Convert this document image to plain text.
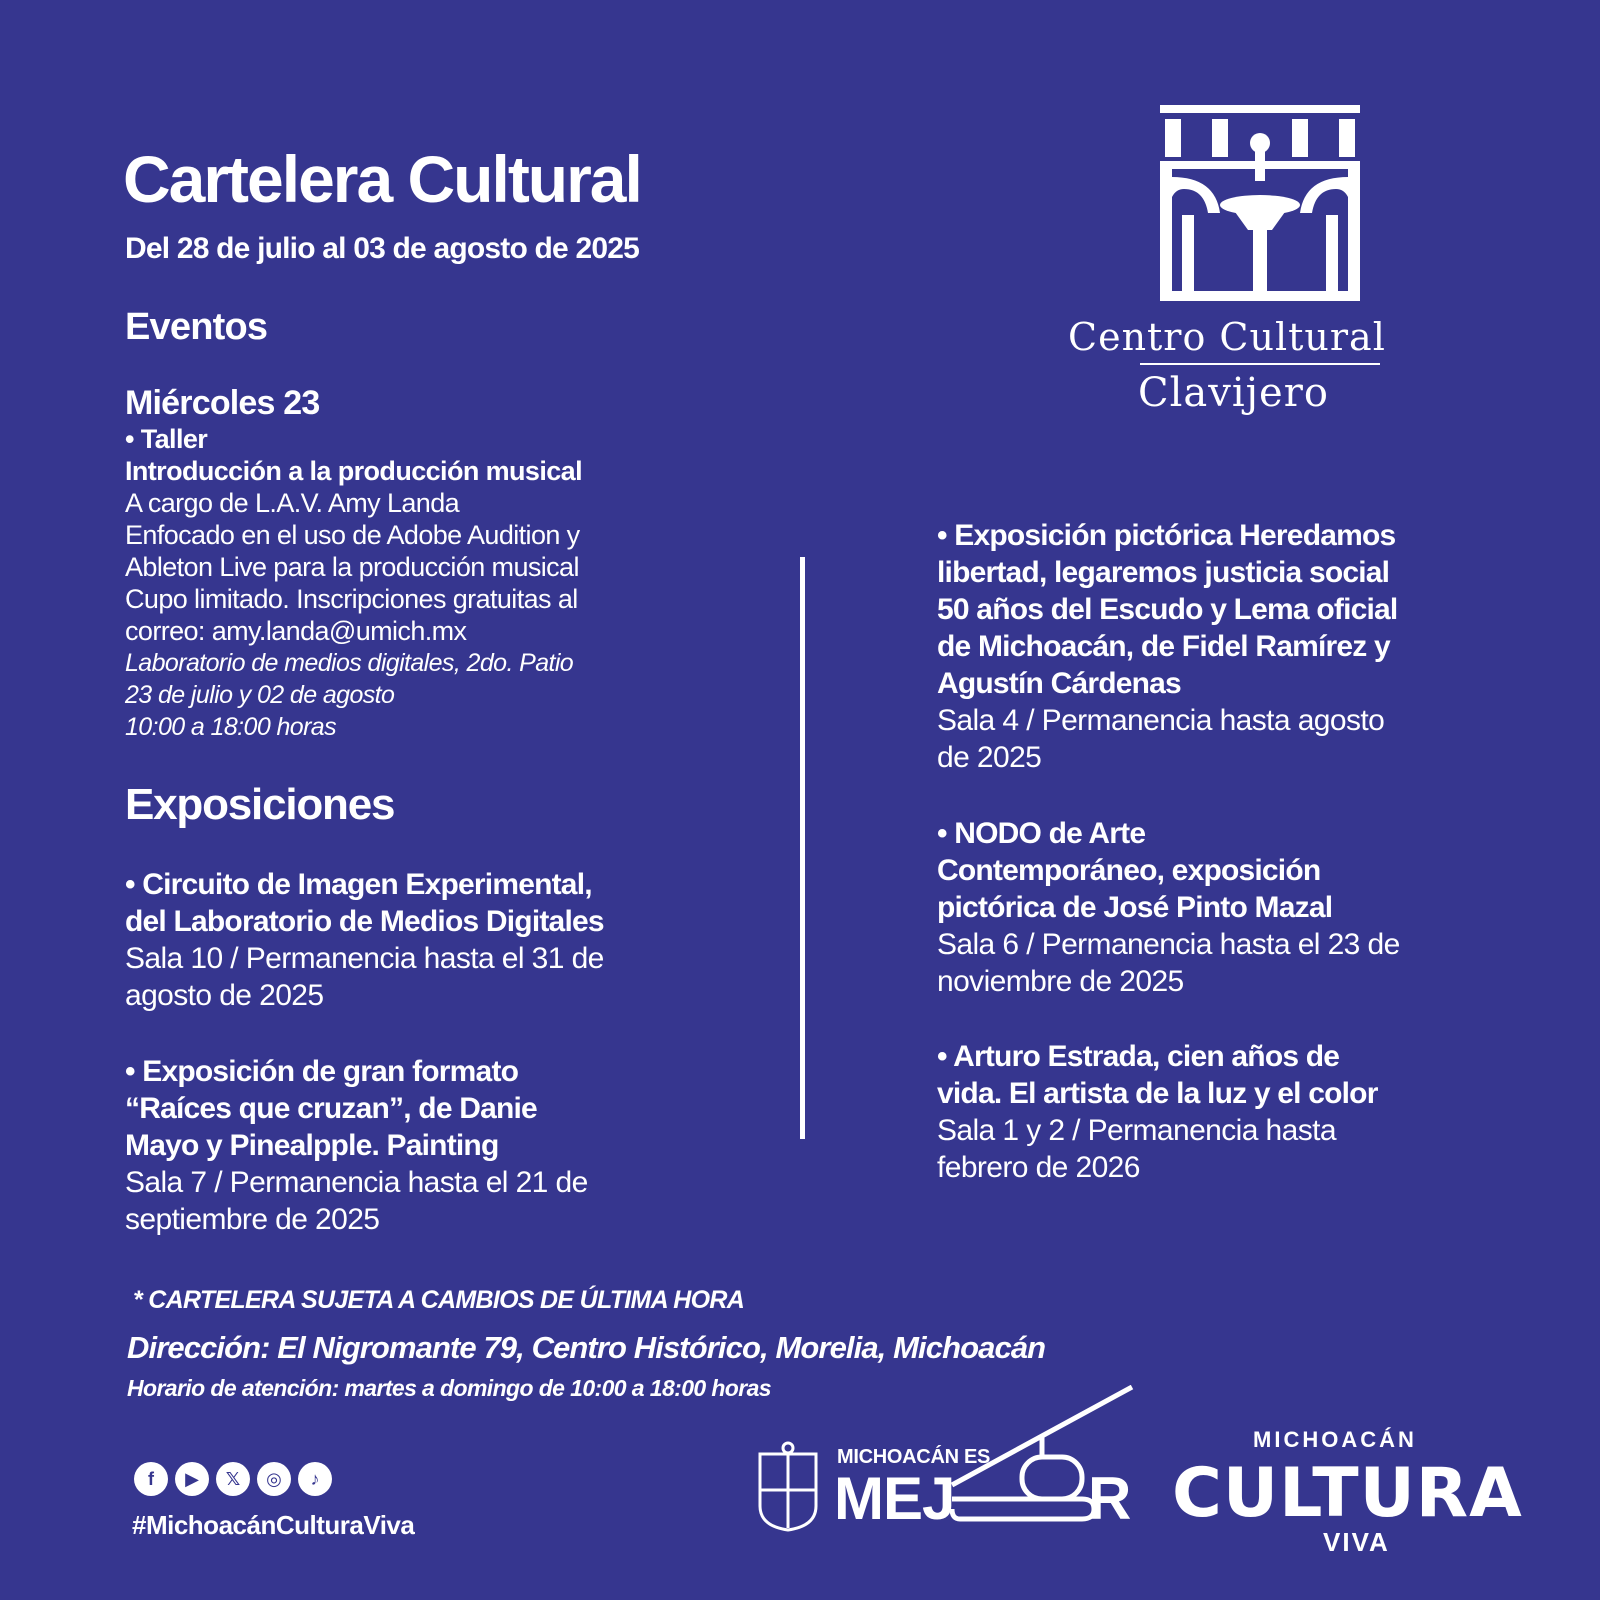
Cartelera Cultural
Del 28 de julio al 03 de agosto de 2025
Eventos
Miércoles 23
• Taller
Introducción a la producción musical
A cargo de L.A.V. Amy Landa
Enfocado en el uso de Adobe Audition y
Ableton Live para la producción musical
Cupo limitado. Inscripciones gratuitas al
correo: amy.landa@umich.mx
Laboratorio de medios digitales, 2do. Patio
23 de julio y 02 de agosto
10:00 a 18:00 horas
Exposiciones
• Circuito de Imagen Experimental,
del Laboratorio de Medios Digitales
Sala 10 / Permanencia hasta el 31 de
agosto de 2025
• Exposición de gran formato
“Raíces que cruzan”, de Danie
Mayo y Pinealpple. Painting
Sala 7 / Permanencia hasta el 21 de
septiembre de 2025
• Exposición pictórica Heredamos
libertad, legaremos justicia social
50 años del Escudo y Lema oficial
de Michoacán, de Fidel Ramírez y
Agustín Cárdenas
Sala 4 / Permanencia hasta agosto
de 2025
• NODO de Arte
Contemporáneo, exposición
pictórica de José Pinto Mazal
Sala 6 / Permanencia hasta el 23 de
noviembre de 2025
• Arturo Estrada, cien años de
vida. El artista de la luz y el color
Sala 1 y 2 / Permanencia hasta
febrero de 2026
Centro Cultural
Clavijero
* CARTELERA SUJETA A CAMBIOS DE ÚLTIMA HORA
Dirección: El Nigromante 79, Centro Histórico, Morelia, Michoacán
Horario de atención: martes a domingo de 10:00 a 18:00 horas
f	▶	𝕏	◎	♪
#MichoacánCulturaViva
MICHOACÁN ES
MEJ R
MICHOACÁN
CULTURA
VIVA
